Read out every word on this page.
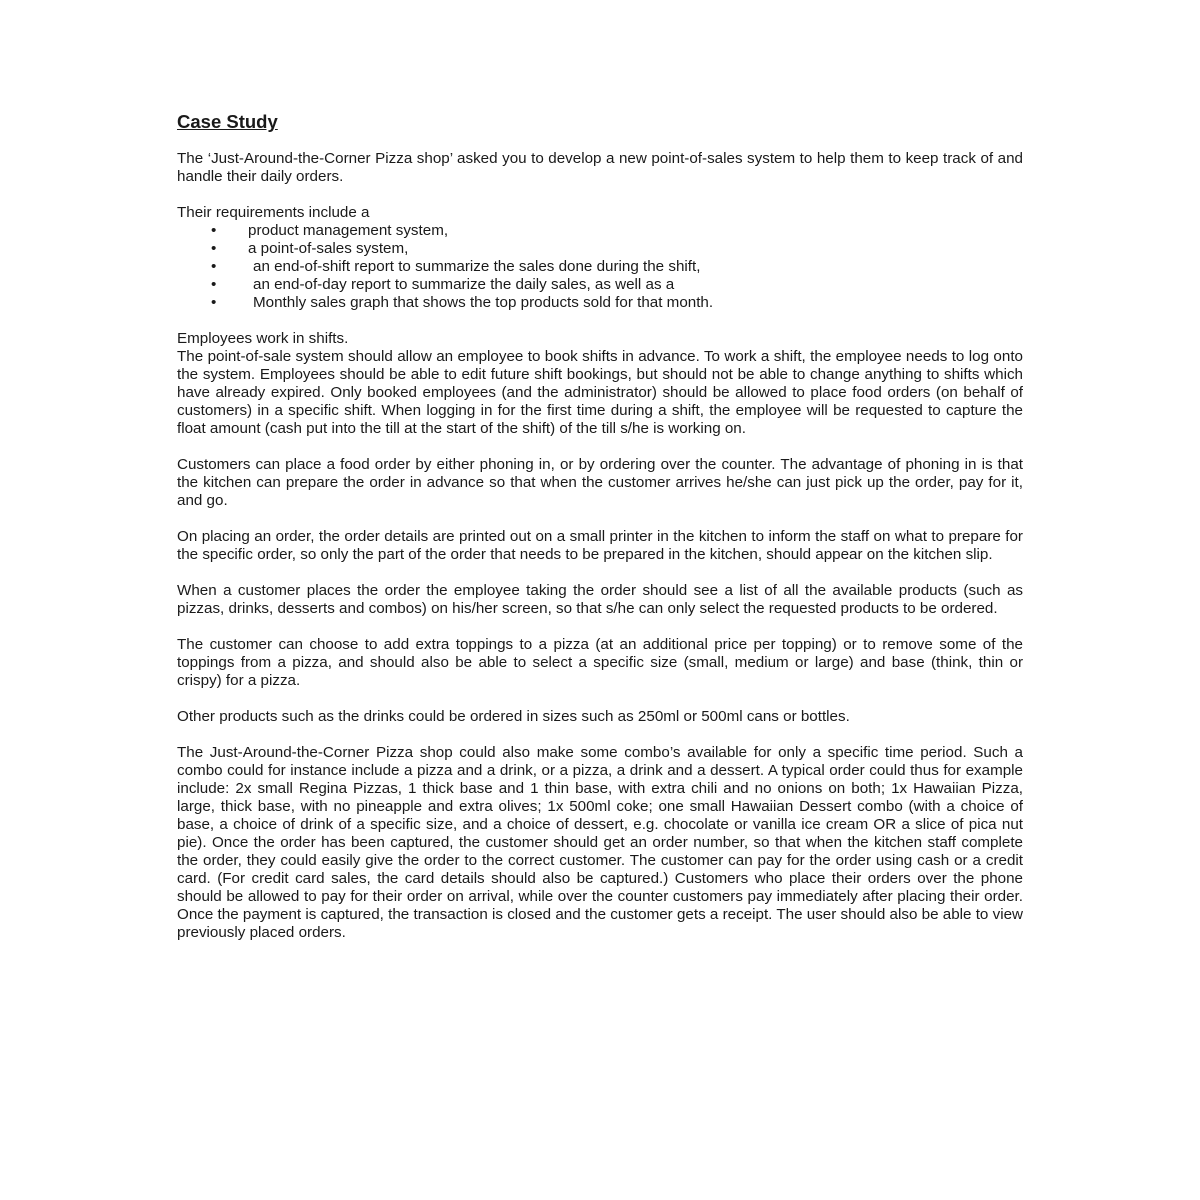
Case Study

The ‘Just-Around-the-Corner Pizza shop’ asked you to develop a new point-of-sales system to help them to keep track of and handle their daily orders.

Their requirements include a

• product management system,
• a point-of-sales system,
• an end-of-shift report to summarize the sales done during the shift,
• an end-of-day report to summarize the daily sales, as well as a
• Monthly sales graph that shows the top products sold for that month.

Employees work in shifts.

The point-of-sale system should allow an employee to book shifts in advance. To work a shift, the employee needs to log onto the system. Employees should be able to edit future shift bookings, but should not be able to change anything to shifts which have already expired. Only booked employees (and the administrator) should be allowed to place food orders (on behalf of customers) in a specific shift. When logging in for the first time during a shift, the employee will be requested to capture the float amount (cash put into the till at the start of the shift) of the till s/he is working on.

Customers can place a food order by either phoning in, or by ordering over the counter. The advantage of phoning in is that the kitchen can prepare the order in advance so that when the customer arrives he/she can just pick up the order, pay for it, and go.

On placing an order, the order details are printed out on a small printer in the kitchen to inform the staff on what to prepare for the specific order, so only the part of the order that needs to be prepared in the kitchen, should appear on the kitchen slip.

When a customer places the order the employee taking the order should see a list of all the available products (such as pizzas, drinks, desserts and combos) on his/her screen, so that s/he can only select the requested products to be ordered.

The customer can choose to add extra toppings to a pizza (at an additional price per topping) or to remove some of the toppings from a pizza, and should also be able to select a specific size (small, medium or large) and base (think, thin or crispy) for a pizza.

Other products such as the drinks could be ordered in sizes such as 250ml or 500ml cans or bottles.

The Just-Around-the-Corner Pizza shop could also make some combo’s available for only a specific time period. Such a combo could for instance include a pizza and a drink, or a pizza, a drink and a dessert. A typical order could thus for example include: 2x small Regina Pizzas, 1 thick base and 1 thin base, with extra chili and no onions on both; 1x Hawaiian Pizza, large, thick base, with no pineapple and extra olives; 1x 500ml coke; one small Hawaiian Dessert combo (with a choice of base, a choice of drink of a specific size, and a choice of dessert, e.g. chocolate or vanilla ice cream OR a slice of pica nut pie). Once the order has been captured, the customer should get an order number, so that when the kitchen staff complete the order, they could easily give the order to the correct customer. The customer can pay for the order using cash or a credit card. (For credit card sales, the card details should also be captured.) Customers who place their orders over the phone should be allowed to pay for their order on arrival, while over the counter customers pay immediately after placing their order. Once the payment is captured, the transaction is closed and the customer gets a receipt. The user should also be able to view previously placed orders.
